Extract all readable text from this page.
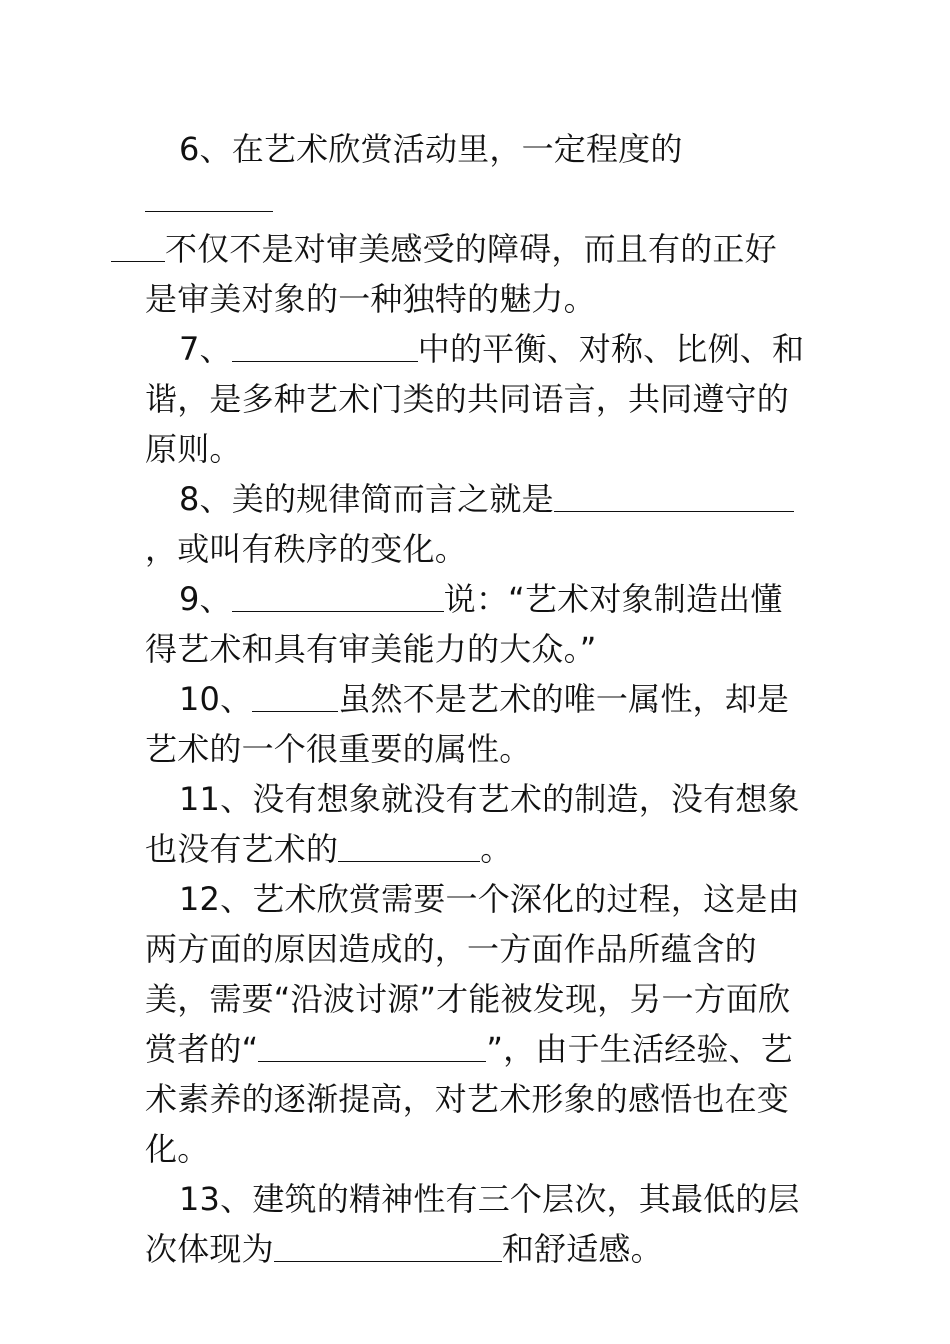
6、在艺术欣赏活动里，一定程度的
不仅不是对审美感受的障碍，而且有的正好是审美对象的一种独特的魅力。

7、	中的平衡、对称、比例、和谐，是多种艺术门类的共同语言，共同遵守的原则。

8、美的规律简而言之就是，或叫有秩序的变化。

9、	说：“艺术对象制造出懂得艺术和具有审美能力的大众。”

10、	虽然不是艺术的唯一属性，却是艺术的一个很重要的属性。

11、没有想象就没有艺术的制造，没有想象也没有艺术的	。

12、艺术欣赏需要一个深化的过程，这是由两方面的原因造成的，一方面作品所蕴含的美，需要“沿波讨源”才能被发现，另一方面欣赏者的“	”，由于生活经验、艺术素养的逐渐提高，对艺术形象的感悟也在变化。

13、建筑的精神性有三个层次，其最低的层次体现为	和舒适感。
